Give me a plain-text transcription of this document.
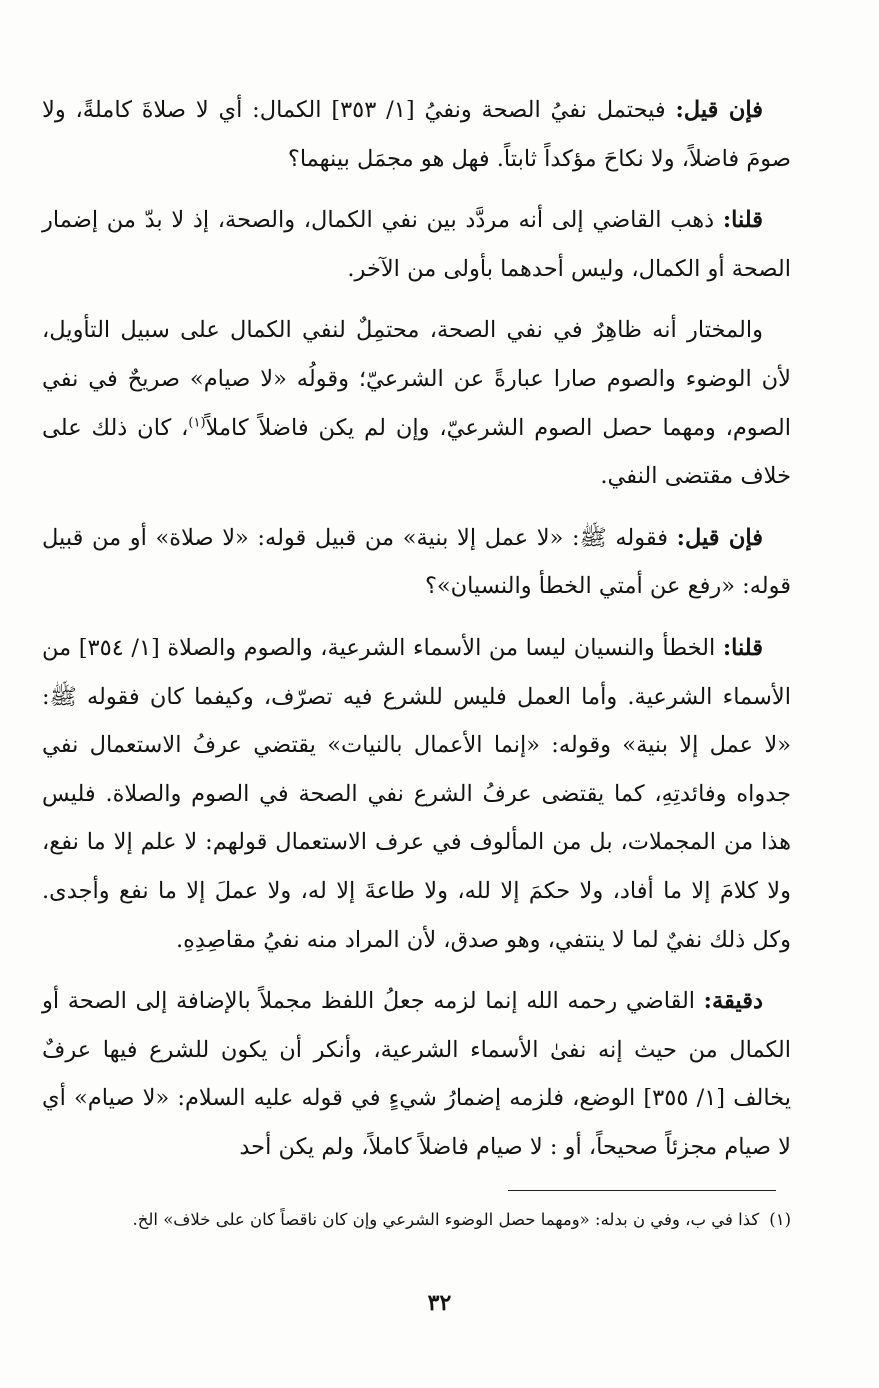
فإن قيل: فيحتمل نفيُ الصحة ونفيُ [١/ ٣٥٣] الكمال: أي لا صلاةَ كاملةً، ولا صومَ فاضلاً، ولا نكاحَ مؤكداً ثابتاً. فهل هو مجمَل بينهما؟

قلنا: ذهب القاضي إلى أنه مردَّد بين نفي الكمال، والصحة، إذ لا بدّ من إضمار الصحة أو الكمال، وليس أحدهما بأولى من الآخر.

والمختار أنه ظاهِرٌ في نفي الصحة، محتمِلٌ لنفي الكمال على سبيل التأويل، لأن الوضوء والصوم صارا عبارةً عن الشرعيّ؛ وقولُه «لا صيام» صريحٌ في نفي الصوم، ومهما حصل الصوم الشرعيّ، وإن لم يكن فاضلاً كاملاً$^{(١)}$، كان ذلك على خلاف مقتضى النفي.

فإن قيل: فقوله ﷺ: «لا عمل إلا بنية» من قبيل قوله: «لا صلاة» أو من قبيل قوله: «رفع عن أمتي الخطأ والنسيان»؟

قلنا: الخطأ والنسيان ليسا من الأسماء الشرعية، والصوم والصلاة [١/ ٣٥٤] من الأسماء الشرعية. وأما العمل فليس للشرع فيه تصرّف، وكيفما كان فقوله ﷺ: «لا عمل إلا بنية» وقوله: «إنما الأعمال بالنيات» يقتضي عرفُ الاستعمال نفي جدواه وفائدتِهِ، كما يقتضى عرفُ الشرع نفي الصحة في الصوم والصلاة. فليس هذا من المجملات، بل من المألوف في عرف الاستعمال قولهم: لا علم إلا ما نفع، ولا كلامَ إلا ما أفاد، ولا حكمَ إلا لله، ولا طاعةَ إلا له، ولا عملَ إلا ما نفع وأجدى. وكل ذلك نفيٌ لما لا ينتفي، وهو صدق، لأن المراد منه نفيُ مقاصِدِهِ.

دقيقة: القاضي رحمه الله إنما لزمه جعلُ اللفظ مجملاً بالإضافة إلى الصحة أو الكمال من حيث إنه نفىٰ الأسماء الشرعية، وأنكر أن يكون للشرع فيها عرفٌ يخالف [١/ ٣٥٥] الوضع، فلزمه إضمارُ شيءٍ في قوله عليه السلام: «لا صيام» أي لا صيام مجزئاً صحيحاً، أو : لا صيام فاضلاً كاملاً، ولم يكن أحد

(١)كذا في ب، وفي ن بدله: «ومهما حصل الوضوء الشرعي وإن كان ناقصاً كان على خلاف» الخ.
٣٢
